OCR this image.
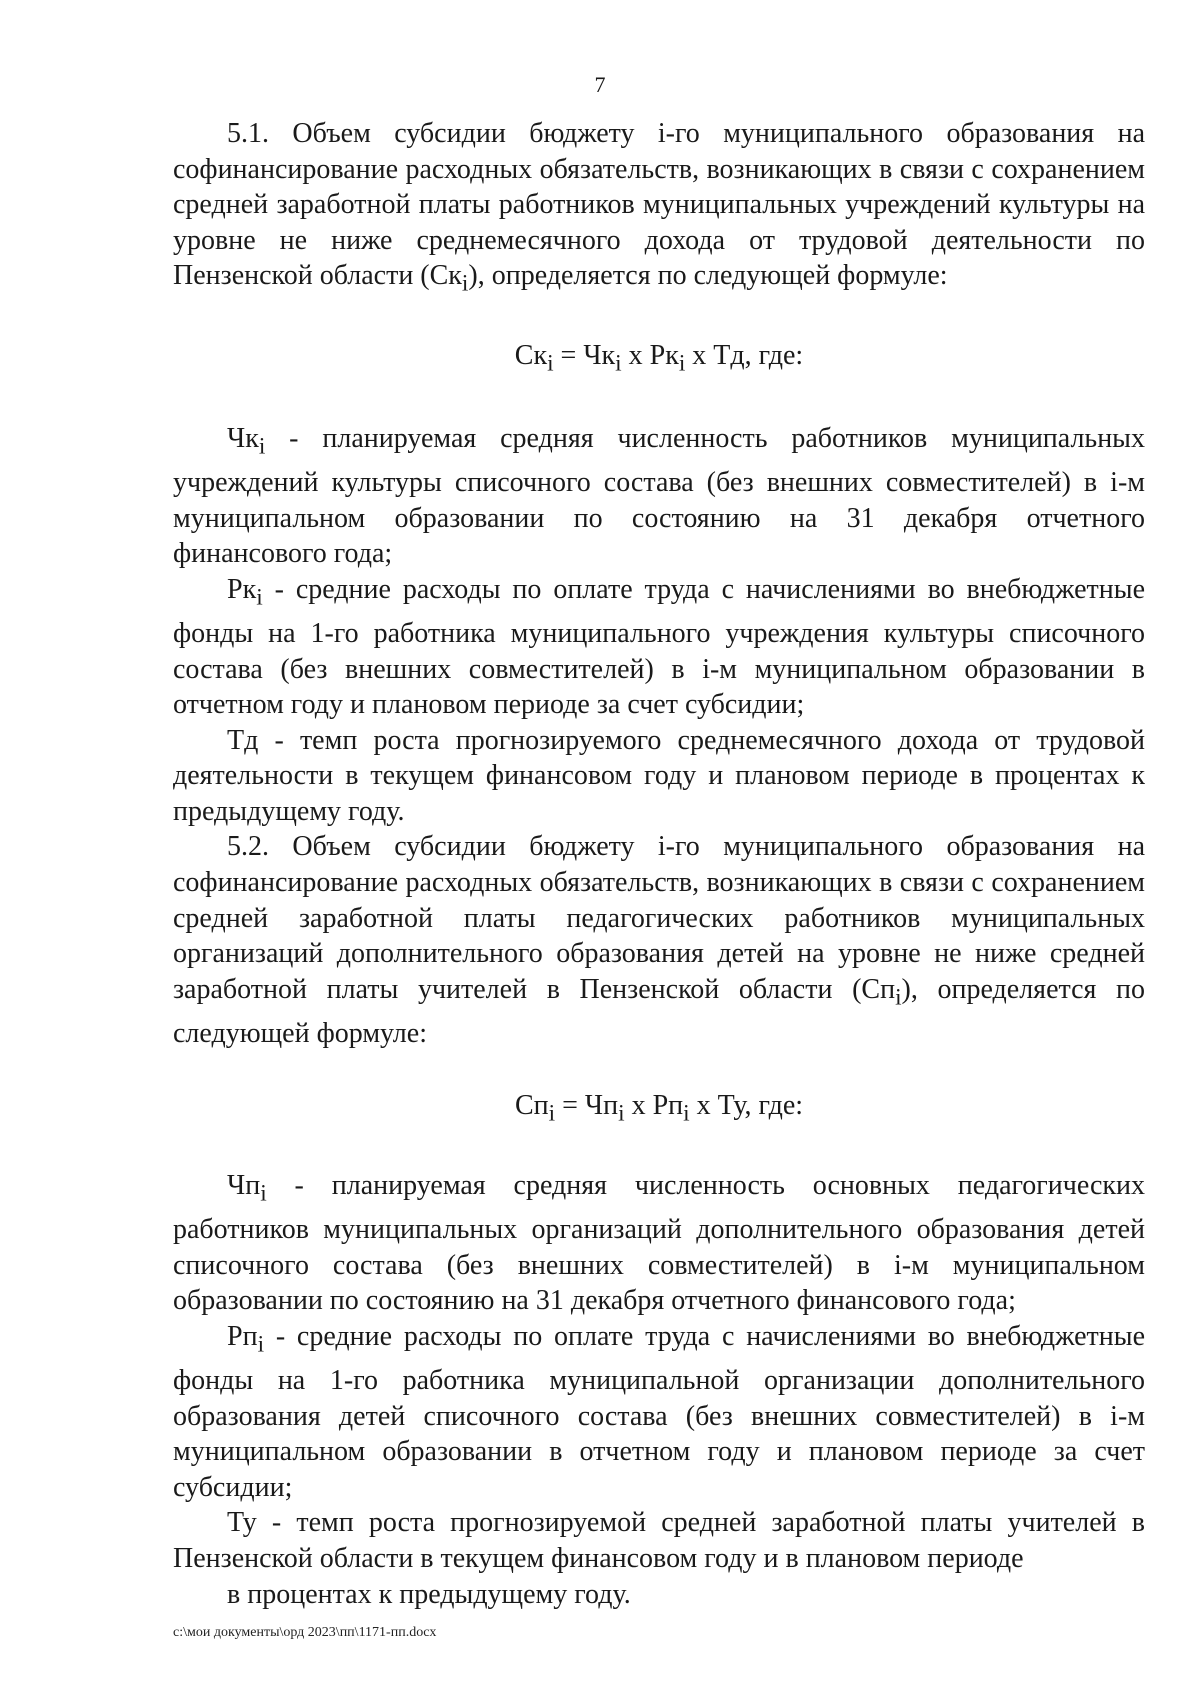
7

5.1. Объем субсидии бюджету i-го муниципального образования на софинансирование расходных обязательств, возникающих в связи с сохранением средней заработной платы работников муниципальных учреждений культуры на уровне не ниже среднемесячного дохода от трудовой деятельности по Пензенской области $(Ск_i)$, определяется по следующей формуле:

$Ск_i = Чк_i$ х $Рк_i$ х Тд, где:

$Чк_i$ - планируемая средняя численность работников муниципальных учреждений культуры списочного состава (без внешних совместителей) в i-м муниципальном образовании по состоянию на 31 декабря отчетного финансового года;

$Рк_i$ - средние расходы по оплате труда с начислениями во внебюджетные фонды на 1-го работника муниципального учреждения культуры списочного состава (без внешних совместителей) в i-м муниципальном образовании в отчетном году и плановом периоде за счет субсидии;

Тд - темп роста прогнозируемого среднемесячного дохода от трудовой деятельности в текущем финансовом году и плановом периоде в процентах к предыдущему году.

5.2. Объем субсидии бюджету i-го муниципального образования на софинансирование расходных обязательств, возникающих в связи с сохранением средней заработной платы педагогических работников муниципальных организаций дополнительного образования детей на уровне не ниже средней заработной платы учителей в Пензенской области $(Сп_i)$, определяется по следующей формуле:

$Сп_i = Чп_i$ х $Рп_i$ х Ту, где:

$Чп_i$ - планируемая средняя численность основных педагогических работников муниципальных организаций дополнительного образования детей списочного состава (без внешних совместителей) в i-м муниципальном образовании по состоянию на 31 декабря отчетного финансового года;

$Рп_i$ - средние расходы по оплате труда с начислениями во внебюджетные фонды на 1-го работника муниципальной организации дополнительного образования детей списочного состава (без внешних совместителей) в i-м муниципальном образовании в отчетном году и плановом периоде за счет субсидии;

Ту - темп роста прогнозируемой средней заработной платы учителей в Пензенской области в текущем финансовом году и в плановом периоде

в процентах к предыдущему году.

c:\мои документы\орд 2023\пп\1171-пп.docx
